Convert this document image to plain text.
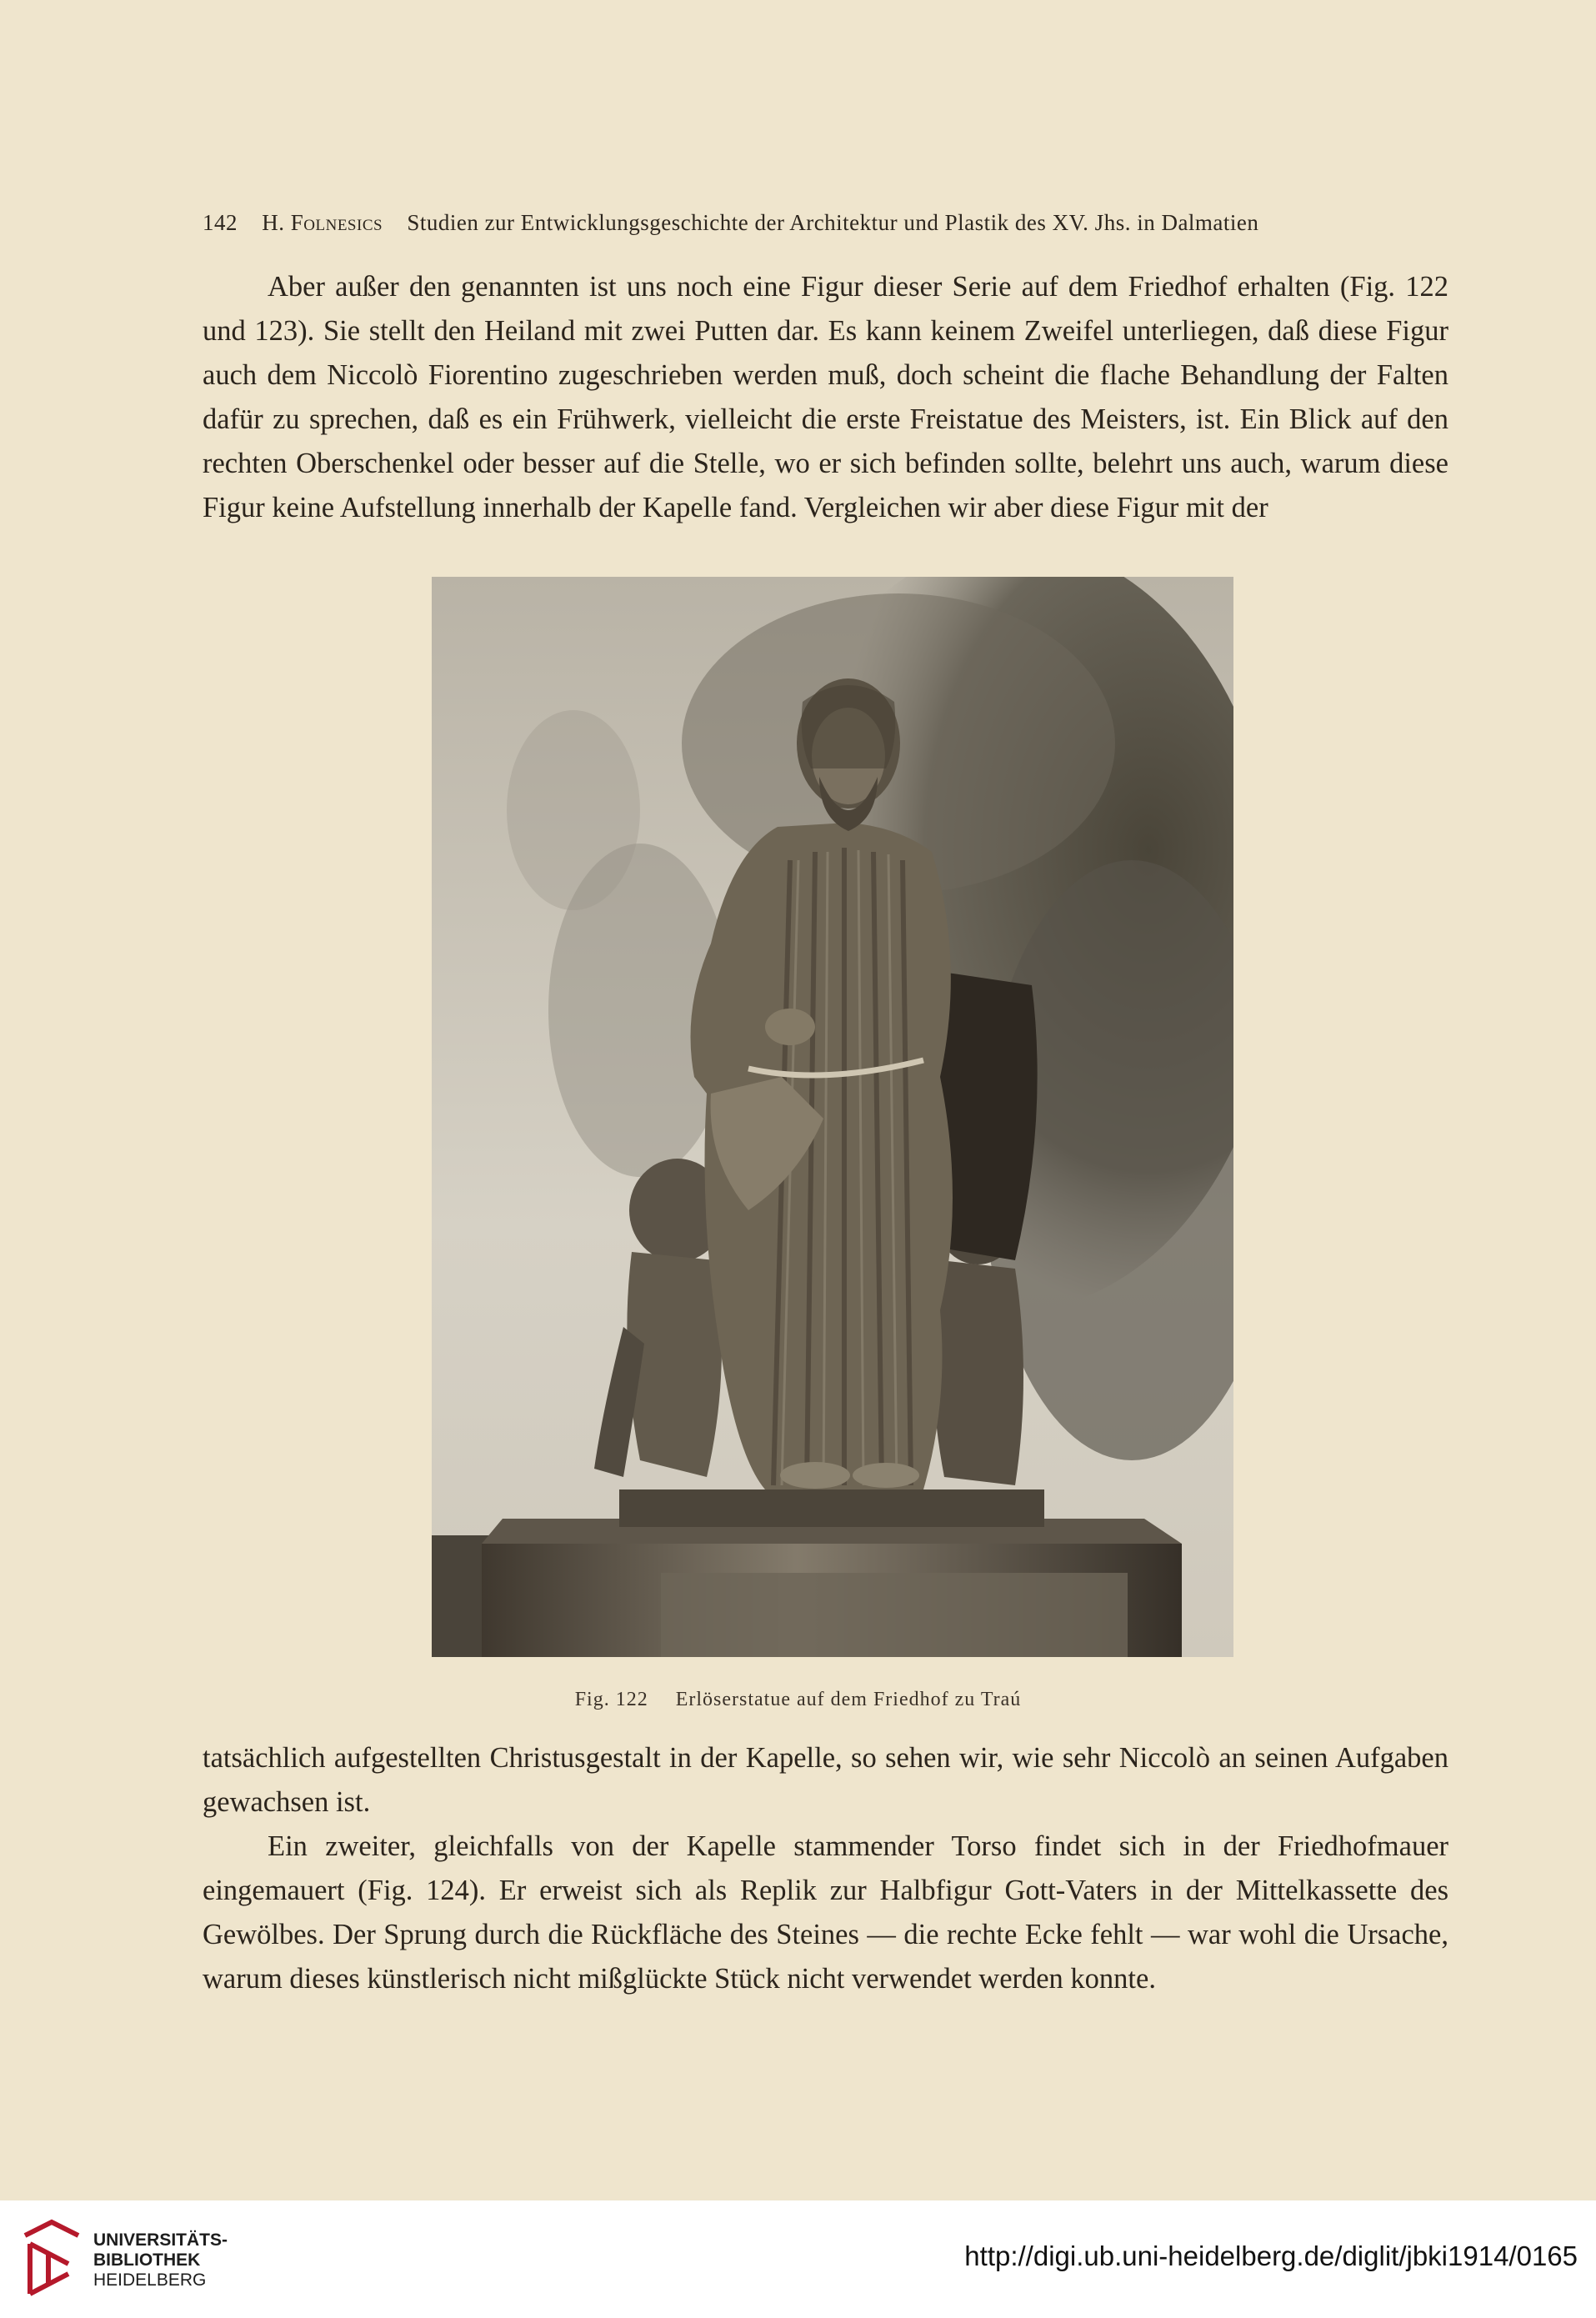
142 H. Folnesics Studien zur Entwicklungsgeschichte der Architektur und Plastik des XV. Jhs. in Dalmatien

Aber außer den genannten ist uns noch eine Figur dieser Serie auf dem Friedhof erhalten (Fig. 122 und 123). Sie stellt den Heiland mit zwei Putten dar. Es kann keinem Zweifel unterliegen, daß diese Figur auch dem Niccolò Fiorentino zugeschrieben werden muß, doch scheint die flache Behandlung der Falten dafür zu sprechen, daß es ein Frühwerk, vielleicht die erste Freistatue des Meisters, ist. Ein Blick auf den rechten Oberschenkel oder besser auf die Stelle, wo er sich befinden sollte, belehrt uns auch, warum diese Figur keine Aufstellung innerhalb der Kapelle fand. Vergleichen wir aber diese Figur mit der

Fig. 122 Erlöserstatue auf dem Friedhof zu Traú

tatsächlich aufgestellten Christusgestalt in der Kapelle, so sehen wir, wie sehr Niccolò an seinen Aufgaben gewachsen ist.

Ein zweiter, gleichfalls von der Kapelle stammender Torso findet sich in der Friedhofmauer eingemauert (Fig. 124). Er erweist sich als Replik zur Halbfigur Gott-Vaters in der Mittelkassette des Gewölbes. Der Sprung durch die Rückfläche des Steines — die rechte Ecke fehlt — war wohl die Ursache, warum dieses künstlerisch nicht mißglückte Stück nicht verwendet werden konnte.

UNIVERSITÄTS-
BIBLIOTHEK
HEIDELBERG
http://digi.ub.uni-heidelberg.de/diglit/jbki1914/0165
